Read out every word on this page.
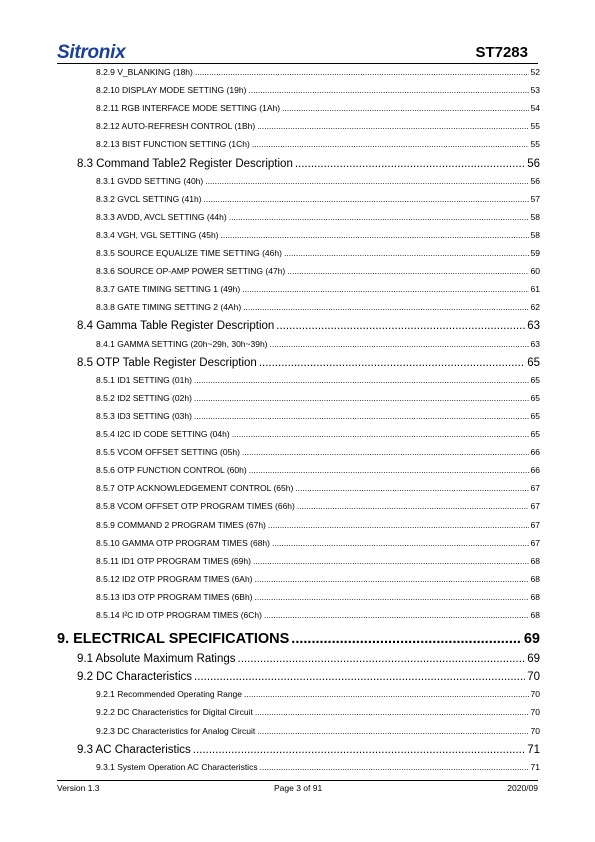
Sitronix	ST7283
8.2.9 V_BLANKING (18h) .....	52
8.2.10 DISPLAY MODE SETTING (19h) .....	53
8.2.11 RGB INTERFACE MODE SETTING (1Ah) .....	54
8.2.12 AUTO-REFRESH CONTROL (1Bh) .....	55
8.2.13 BIST FUNCTION SETTING (1Ch) .....	55
8.3 Command Table2 Register Description .....	56
8.3.1 GVDD SETTING (40h) .....	56
8.3.2 GVCL SETTING (41h) .....	57
8.3.3 AVDD, AVCL SETTING (44h) .....	58
8.3.4 VGH, VGL SETTING (45h) .....	58
8.3.5 SOURCE EQUALIZE TIME SETTING (46h) .....	59
8.3.6 SOURCE OP-AMP POWER SETTING (47h) .....	60
8.3.7 GATE TIMING SETTING 1 (49h) .....	61
8.3.8 GATE TIMING SETTING 2 (4Ah) .....	62
8.4 Gamma Table Register Description .....	63
8.4.1 GAMMA SETTING (20h~29h, 30h~39h) .....	63
8.5 OTP Table Register Description .....	65
8.5.1 ID1 SETTING (01h) .....	65
8.5.2 ID2 SETTING (02h) .....	65
8.5.3 ID3 SETTING (03h) .....	65
8.5.4 I2C ID CODE SETTING (04h) .....	65
8.5.5 VCOM OFFSET SETTING (05h) .....	66
8.5.6 OTP FUNCTION CONTROL (60h) .....	66
8.5.7 OTP ACKNOWLEDGEMENT CONTROL (65h) .....	67
8.5.8 VCOM OFFSET OTP PROGRAM TIMES (66h) .....	67
8.5.9 COMMAND 2 PROGRAM TIMES (67h) .....	67
8.5.10 GAMMA OTP PROGRAM TIMES (68h) .....	67
8.5.11 ID1 OTP PROGRAM TIMES (69h) .....	68
8.5.12 ID2 OTP PROGRAM TIMES (6Ah) .....	68
8.5.13 ID3 OTP PROGRAM TIMES (6Bh) .....	68
8.5.14 I²C ID OTP PROGRAM TIMES (6Ch) .....	68
9. ELECTRICAL SPECIFICATIONS .....	69
9.1 Absolute Maximum Ratings .....	69
9.2 DC Characteristics .....	70
9.2.1 Recommended Operating Range .....	70
9.2.2 DC Characteristics for Digital Circuit .....	70
9.2.3 DC Characteristics for Analog Circuit .....	70
9.3 AC Characteristics .....	71
9.3.1 System Operation AC Characteristics .....	71
Version 1.3	Page 3 of 91	2020/09
